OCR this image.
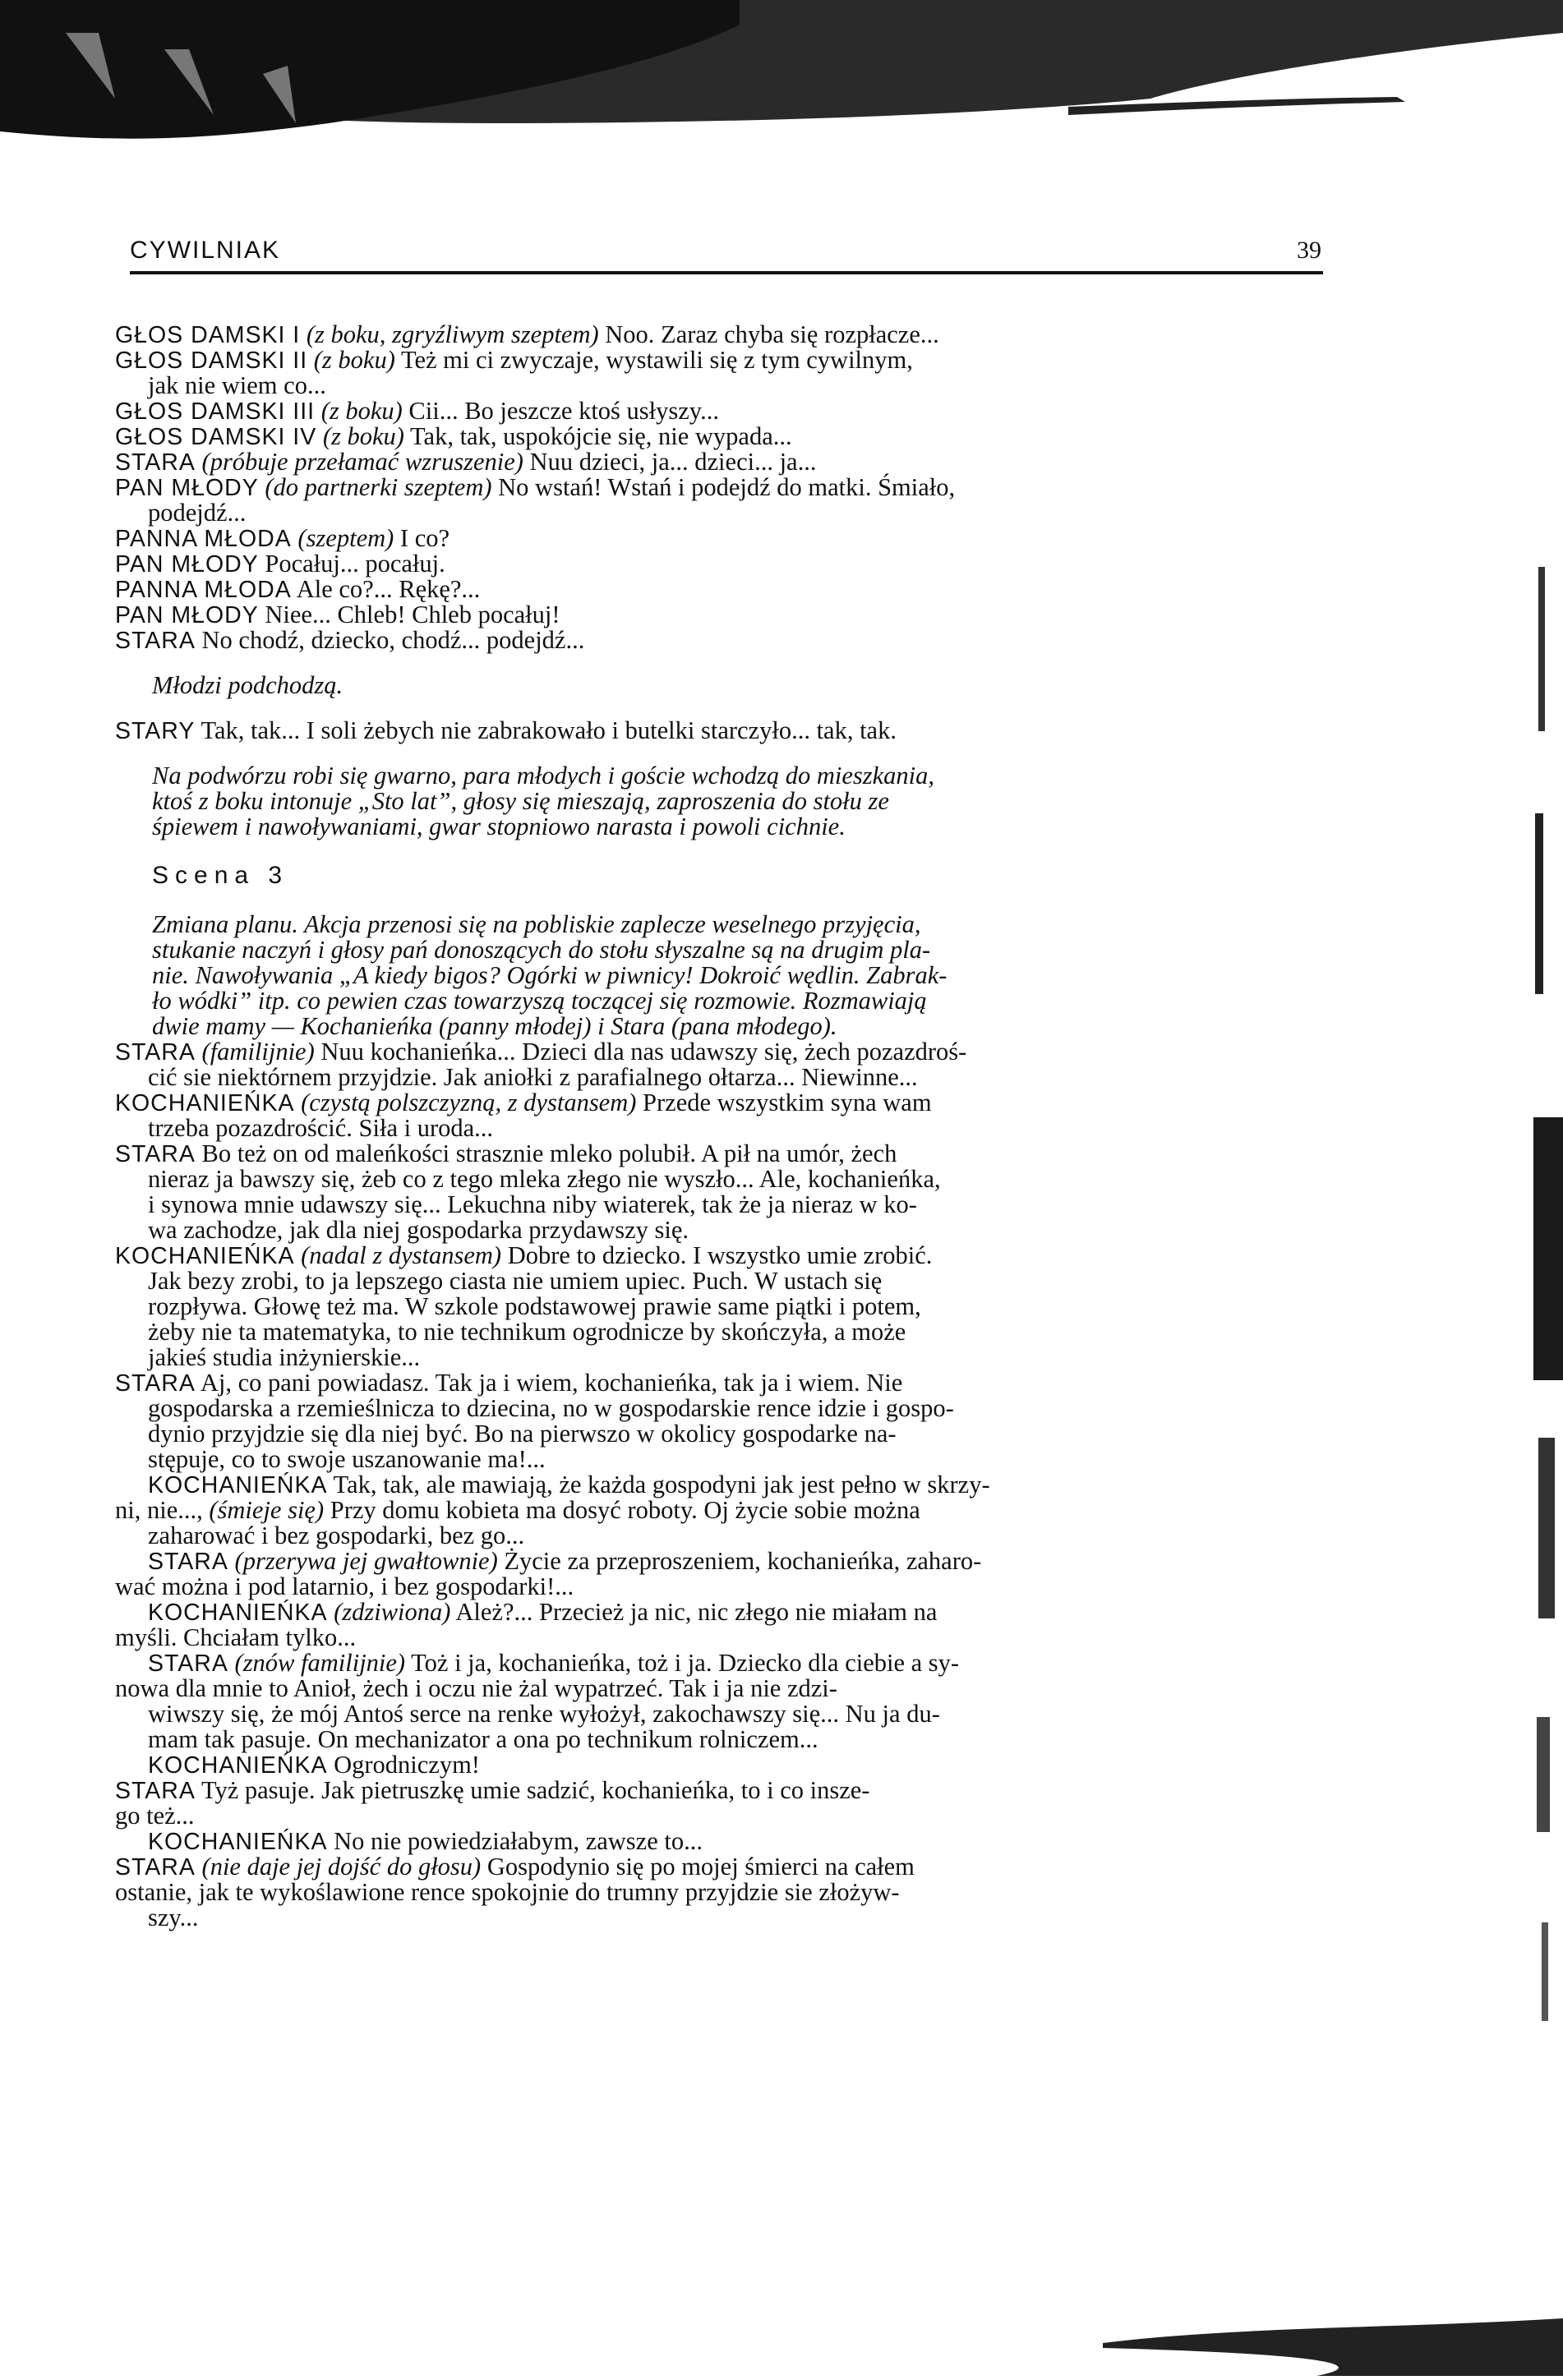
CYWILNIAK	39
GŁOS DAMSKI I (z boku, zgryźliwym szeptem) Noo. Zaraz chyba się rozpłacze...
GŁOS DAMSKI II (z boku) Też mi ci zwyczaje, wystawili się z tym cywilnym,
jak nie wiem co...
GŁOS DAMSKI III (z boku) Cii... Bo jeszcze ktoś usłyszy...
GŁOS DAMSKI IV (z boku) Tak, tak, uspokójcie się, nie wypada...
STARA (próbuje przełamać wzruszenie) Nuu dzieci, ja... dzieci... ja...
PAN MŁODY (do partnerki szeptem) No wstań! Wstań i podejdź do matki. Śmiało,
podejdź...
PANNA MŁODA (szeptem) I co?
PAN MŁODY Pocałuj... pocałuj.
PANNA MŁODA Ale co?... Rękę?...
PAN MŁODY Niee... Chleb! Chleb pocałuj!
STARA No chodź, dziecko, chodź... podejdź...
Młodzi podchodzą.
STARY Tak, tak... I soli żebych nie zabrakowało i butelki starczyło... tak, tak.
Na podwórzu robi się gwarno, para młodych i goście wchodzą do mieszkania,
ktoś z boku intonuje „Sto lat”, głosy się mieszają, zaproszenia do stołu ze
śpiewem i nawoływaniami, gwar stopniowo narasta i powoli cichnie.
Scena 3
Zmiana planu. Akcja przenosi się na pobliskie zaplecze weselnego przyjęcia,
stukanie naczyń i głosy pań donoszących do stołu słyszalne są na drugim pla-
nie. Nawoływania „A kiedy bigos? Ogórki w piwnicy! Dokroić wędlin. Zabrak-
ło wódki” itp. co pewien czas towarzyszą toczącej się rozmowie. Rozmawiają
dwie mamy — Kochanieńka (panny młodej) i Stara (pana młodego).
STARA (familijnie) Nuu kochanieńka... Dzieci dla nas udawszy się, żech pozazdroś-
cić sie niektórnem przyjdzie. Jak aniołki z parafialnego ołtarza... Niewinne...
KOCHANIEŃKA (czystą polszczyzną, z dystansem) Przede wszystkim syna wam
trzeba pozazdrościć. Siła i uroda...
STARA Bo też on od maleńkości strasznie mleko polubił. A pił na umór, żech
nieraz ja bawszy się, żeb co z tego mleka złego nie wyszło... Ale, kochanieńka,
i synowa mnie udawszy się... Lekuchna niby wiaterek, tak że ja nieraz w ko-
wa zachodze, jak dla niej gospodarka przydawszy się.
KOCHANIEŃKA (nadal z dystansem) Dobre to dziecko. I wszystko umie zrobić.
Jak bezy zrobi, to ja lepszego ciasta nie umiem upiec. Puch. W ustach się
rozpływa. Głowę też ma. W szkole podstawowej prawie same piątki i potem,
żeby nie ta matematyka, to nie technikum ogrodnicze by skończyła, a może
jakieś studia inżynierskie...
STARA Aj, co pani powiadasz. Tak ja i wiem, kochanieńka, tak ja i wiem. Nie
gospodarska a rzemieślnicza to dziecina, no w gospodarskie rence idzie i gospo-
dynio przyjdzie się dla niej być. Bo na pierwszo w okolicy gospodarke na-
stępuje, co to swoje uszanowanie ma!...
KOCHANIEŃKA Tak, tak, ale mawiają, że każda gospodyni jak jest pełno w skrzy-
ni, nie..., (śmieje się) Przy domu kobieta ma dosyć roboty. Oj życie sobie można
zaharować i bez gospodarki, bez go...
STARA (przerywa jej gwałtownie) Życie za przeproszeniem, kochanieńka, zaharo-
wać można i pod latarnio, i bez gospodarki!...
KOCHANIEŃKA (zdziwiona) Ależ?... Przecież ja nic, nic złego nie miałam na
myśli. Chciałam tylko...
STARA (znów familijnie) Toż i ja, kochanieńka, toż i ja. Dziecko dla ciebie a sy-
nowa dla mnie to Anioł, żech i oczu nie żal wypatrzeć. Tak i ja nie zdzi-
wiwszy się, że mój Antoś serce na renke wyłożył, zakochawszy się... Nu ja du-
mam tak pasuje. On mechanizator a ona po technikum rolniczem...
KOCHANIEŃKA Ogrodniczym!
STARA Tyż pasuje. Jak pietruszkę umie sadzić, kochanieńka, to i co insze-
go też...
KOCHANIEŃKA No nie powiedziałabym, zawsze to...
STARA (nie daje jej dojść do głosu) Gospodynio się po mojej śmierci na całem
ostanie, jak te wykoślawione rence spokojnie do trumny przyjdzie sie złożyw-
szy...
